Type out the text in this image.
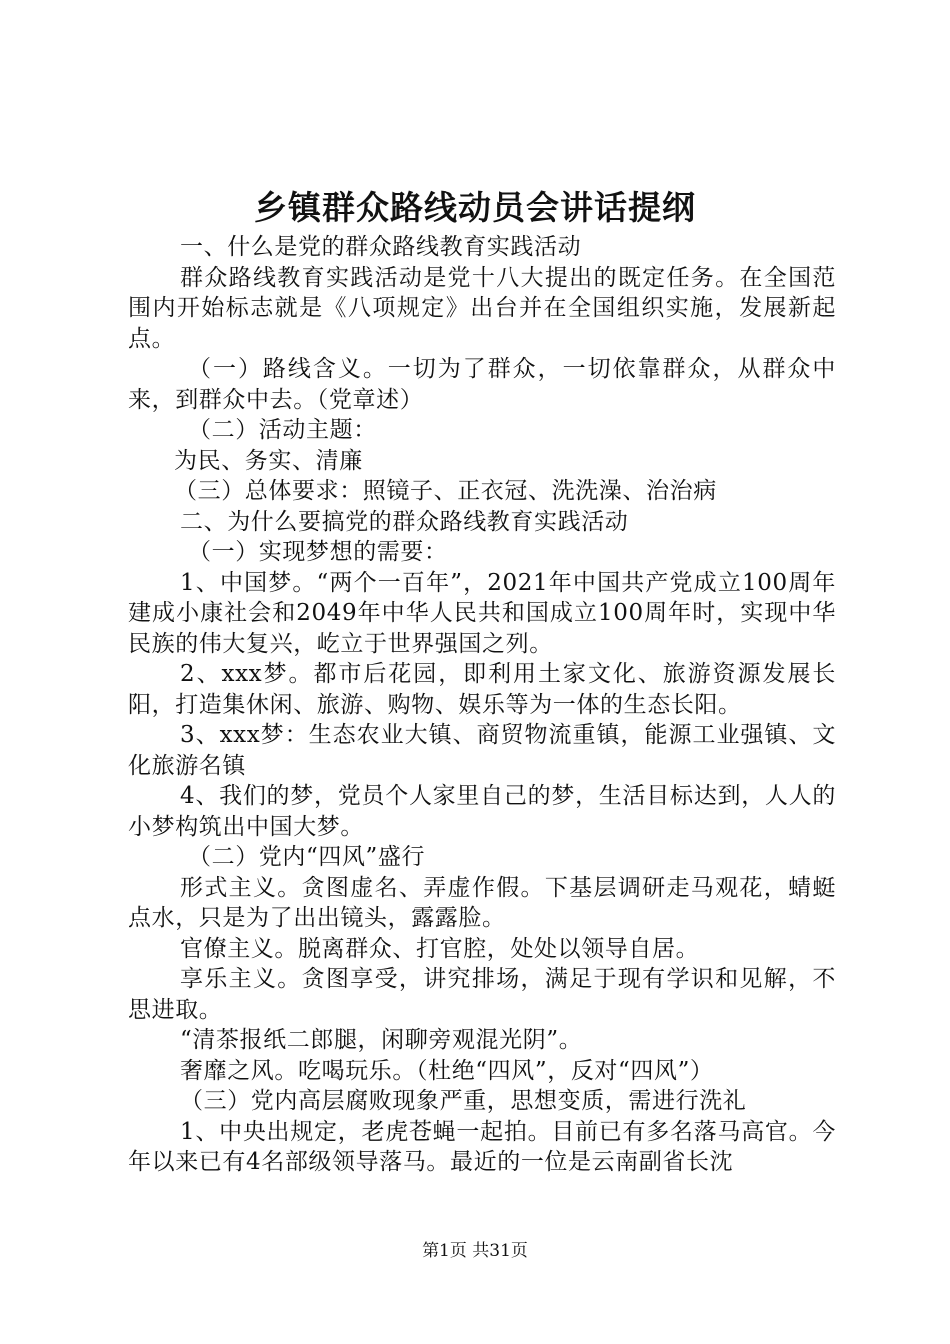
乡镇群众路线动员会讲话提纲

一、什么是党的群众路线教育实践活动

群众路线教育实践活动是党十八大提出的既定任务。在全国范围内开始标志就是《八项规定》出台并在全国组织实施，发展新起点。

（一）路线含义。一切为了群众，一切依靠群众，从群众中来，到群众中去。（党章述）

（二）活动主题：

为民、务实、清廉

（三）总体要求：照镜子、正衣冠、洗洗澡、治治病

二、为什么要搞党的群众路线教育实践活动

（一）实现梦想的需要：

1、中国梦。“两个一百年”，2021年中国共产党成立100周年建成小康社会和2049年中华人民共和国成立100周年时，实现中华民族的伟大复兴，屹立于世界强国之列。

2、xxx梦。都市后花园，即利用土家文化、旅游资源发展长阳，打造集休闲、旅游、购物、娱乐等为一体的生态长阳。

3、xxx梦：生态农业大镇、商贸物流重镇，能源工业强镇、文化旅游名镇

4、我们的梦，党员个人家里自己的梦，生活目标达到，人人的小梦构筑出中国大梦。

（二）党内“四风”盛行

形式主义。贪图虚名、弄虚作假。下基层调研走马观花，蜻蜓点水，只是为了出出镜头，露露脸。

官僚主义。脱离群众、打官腔，处处以领导自居。

享乐主义。贪图享受，讲究排场，满足于现有学识和见解，不思进取。

“清茶报纸二郎腿，闲聊旁观混光阴”。

奢靡之风。吃喝玩乐。（杜绝“四风”，反对“四风”）

（三）党内高层腐败现象严重，思想变质，需进行洗礼

1、中央出规定，老虎苍蝇一起拍。目前已有多名落马高官。今年以来已有4名部级领导落马。最近的一位是云南副省长沈

第1页 共31页
